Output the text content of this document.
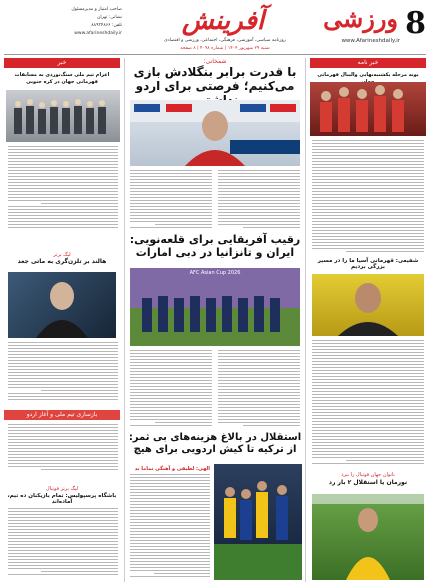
8
ورزشی
www.Afarineshdaily.ir
آفرینش
روزنامه سیاسی، آموزشی، فرهنگی، اجتماعی، ورزشی و اقتصادی
شنبه ۲۹ شهریور ۱۴۰۴ | شماره ۴۰۹۸ | ۸ صفحه
صاحب امتیاز و مدیرمسئول
نشانی: تهران
تلفن: ۸۸۹۳۴۸۶۶
www.afarineshdaily.ir
خبر
اعزام تیم ملی ستگ‌نوردی به مسابقات قهرمانی جهان در کره جنوبی
لیگ برتر
هالند بر تلزن‌گری به ماتی جعد
بازسازی تیم ملی و آغاز اردو
لیگ برتر فوتبال
باشگاه پرسپولیس: تمام بازیکنان ده تیم، آماده‌اند
شمخانی:
با قدرت برابر بنگلادش بازی می‌کنیم؛ فرصتی برای اردو
رقیب آفریقایی برای قلعه‌نویی: ایران و تانزانیا در دبی امارات
AFC Asian Cup 2026
استقلال در بالاغ هزینه‌های بی ثمر: از ترکیه تا کیش اردویی برای هیچ
الهی: لطیفی و آهنگی تماما بد
خبر نامه
بونه مرحله یکشنبه‌نهایی والیبال قهرمانی
شفیعی: قهرمانی آسیا ما را در مسیر بزرگی بردیم
ناتوان جهان فوتبال را ببرد
نورمان یا استقلال ۲ بار رد
